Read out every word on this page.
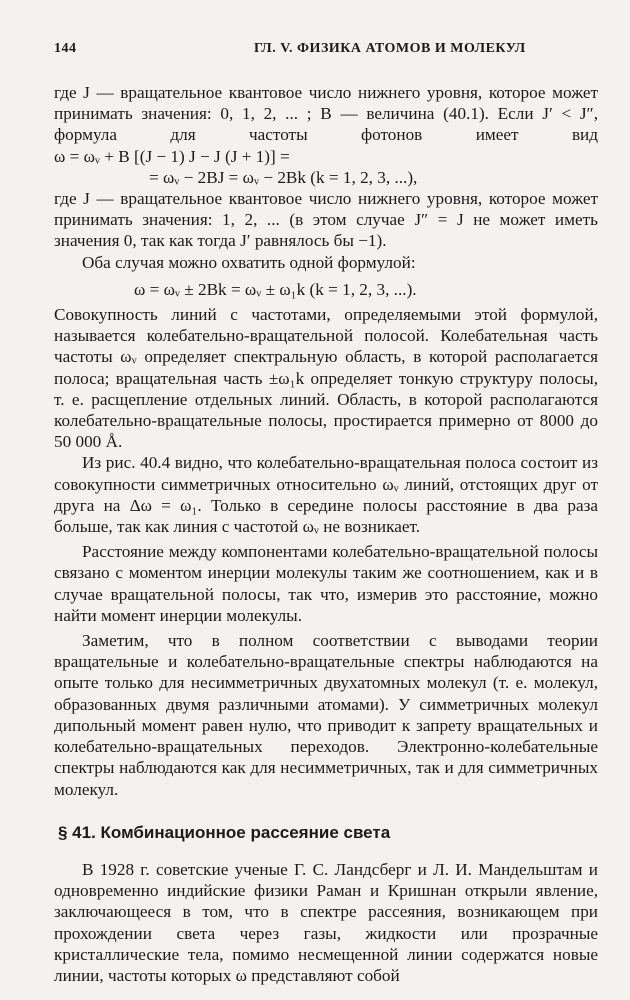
144	ГЛ. V. ФИЗИКА АТОМОВ И МОЛЕКУЛ

где J — вращательное квантовое число нижнего уровня, которое может принимать значения: 0, 1, 2, ... ; B — величина (40.1). Если J′ < J″, формула для частоты фотонов имеет вид

ω = ωᵥ + B [(J − 1) J − J (J + 1)] =

= ωᵥ − 2BJ = ωᵥ − 2Bk (k = 1, 2, 3, ...),

где J — вращательное квантовое число нижнего уровня, которое может принимать значения: 1, 2, ... (в этом случае J″ = J не может иметь значения 0, так как тогда J′ равнялось бы −1).

Оба случая можно охватить одной формулой:

ω = ωᵥ ± 2Bk = ωᵥ ± ω₁k (k = 1, 2, 3, ...).

Совокупность линий с частотами, определяемыми этой формулой, называется колебательно-вращательной полосой. Колебательная часть частоты ωᵥ определяет спектральную область, в которой располагается полоса; вращательная часть ±ω₁k определяет тонкую структуру полосы, т. е. расщепление отдельных линий. Область, в которой располагаются колебательно-вращательные полосы, простирается примерно от 8000 до 50 000 Å.

Из рис. 40.4 видно, что колебательно-вращательная полоса состоит из совокупности симметричных относительно ωᵥ линий, отстоящих друг от друга на Δω = ω₁. Только в середине полосы расстояние в два раза больше, так как линия с частотой ωᵥ не возникает.

Расстояние между компонентами колебательно-вращательной полосы связано с моментом инерции молекулы таким же соотношением, как и в случае вращательной полосы, так что, измерив это расстояние, можно найти момент инерции молекулы.

Заметим, что в полном соответствии с выводами теории вращательные и колебательно-вращательные спектры наблюдаются на опыте только для несимметричных двухатомных молекул (т. е. молекул, образованных двумя различными атомами). У симметричных молекул дипольный момент равен нулю, что приводит к запрету вращательных и колебательно-вращательных переходов. Электронно-колебательные спектры наблюдаются как для несимметричных, так и для симметричных молекул.

§ 41. Комбинационное рассеяние света

В 1928 г. советские ученые Г. С. Ландсберг и Л. И. Мандельштам и одновременно индийские физики Раман и Кришнан открыли явление, заключающееся в том, что в спектре рассеяния, возникающем при прохождении света через газы, жидкости или прозрачные кристаллические тела, помимо несмещенной линии содержатся новые линии, частоты которых ω представляют собой
